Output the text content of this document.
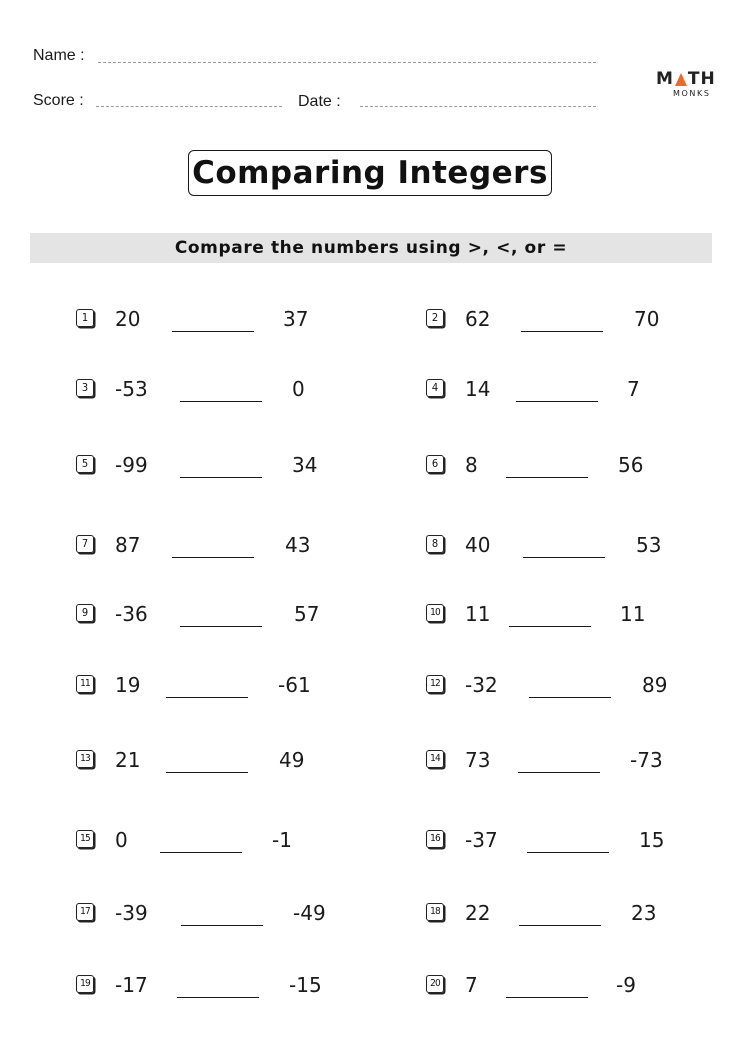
Name :
Score :	Date :
M TH
MONKS
Comparing Integers
Compare the numbers using >, <, or =
1 20	37	2 62	70
3 -53	0	4 14	7
5 -99	34	6 8	56
7 87	43	8 40	53
9 -36	57	10 11	11
11 19	-61	12 -32	89
13 21	49	14 73	-73
15 0	-1	16 -37	15
17 -39	-49	18 22	23
19 -17	-15	20 7	-9
